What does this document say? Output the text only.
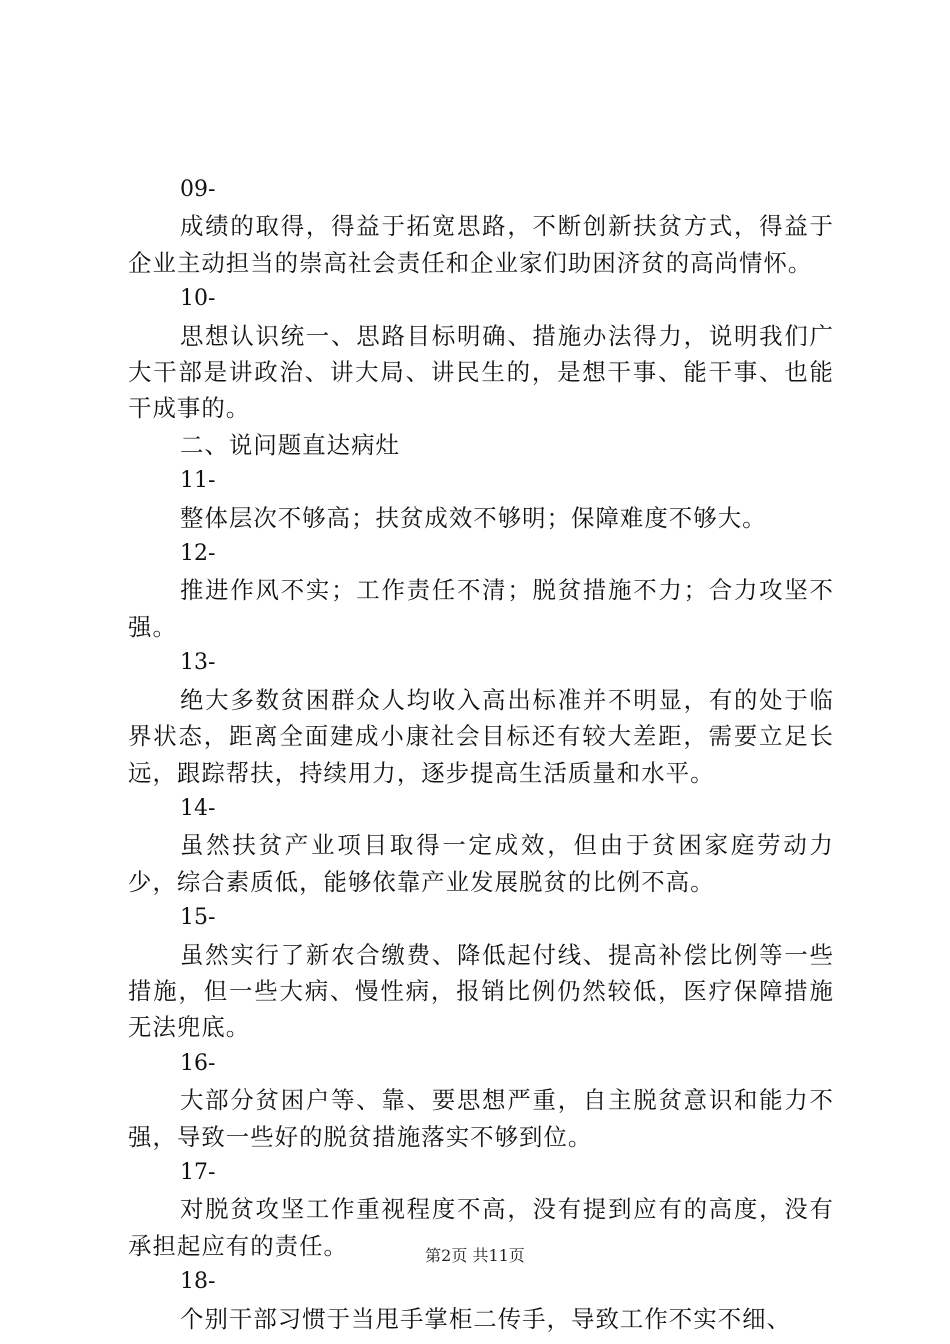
09-

成绩的取得，得益于拓宽思路，不断创新扶贫方式，得益于企业主动担当的崇高社会责任和企业家们助困济贫的高尚情怀。

10-

思想认识统一、思路目标明确、措施办法得力，说明我们广大干部是讲政治、讲大局、讲民生的，是想干事、能干事、也能干成事的。

二、说问题直达病灶

11-

整体层次不够高；扶贫成效不够明；保障难度不够大。

12-

推进作风不实；工作责任不清；脱贫措施不力；合力攻坚不强。

13-

绝大多数贫困群众人均收入高出标准并不明显，有的处于临界状态，距离全面建成小康社会目标还有较大差距，需要立足长远，跟踪帮扶，持续用力，逐步提高生活质量和水平。

14-

虽然扶贫产业项目取得一定成效，但由于贫困家庭劳动力少，综合素质低，能够依靠产业发展脱贫的比例不高。

15-

虽然实行了新农合缴费、降低起付线、提高补偿比例等一些措施，但一些大病、慢性病，报销比例仍然较低，医疗保障措施无法兜底。

16-

大部分贫困户等、靠、要思想严重，自主脱贫意识和能力不强，导致一些好的脱贫措施落实不够到位。

17-

对脱贫攻坚工作重视程度不高，没有提到应有的高度，没有承担起应有的责任。

18-

个别干部习惯于当甩手掌柜二传手，导致工作不实不细、

第2页 共11页
